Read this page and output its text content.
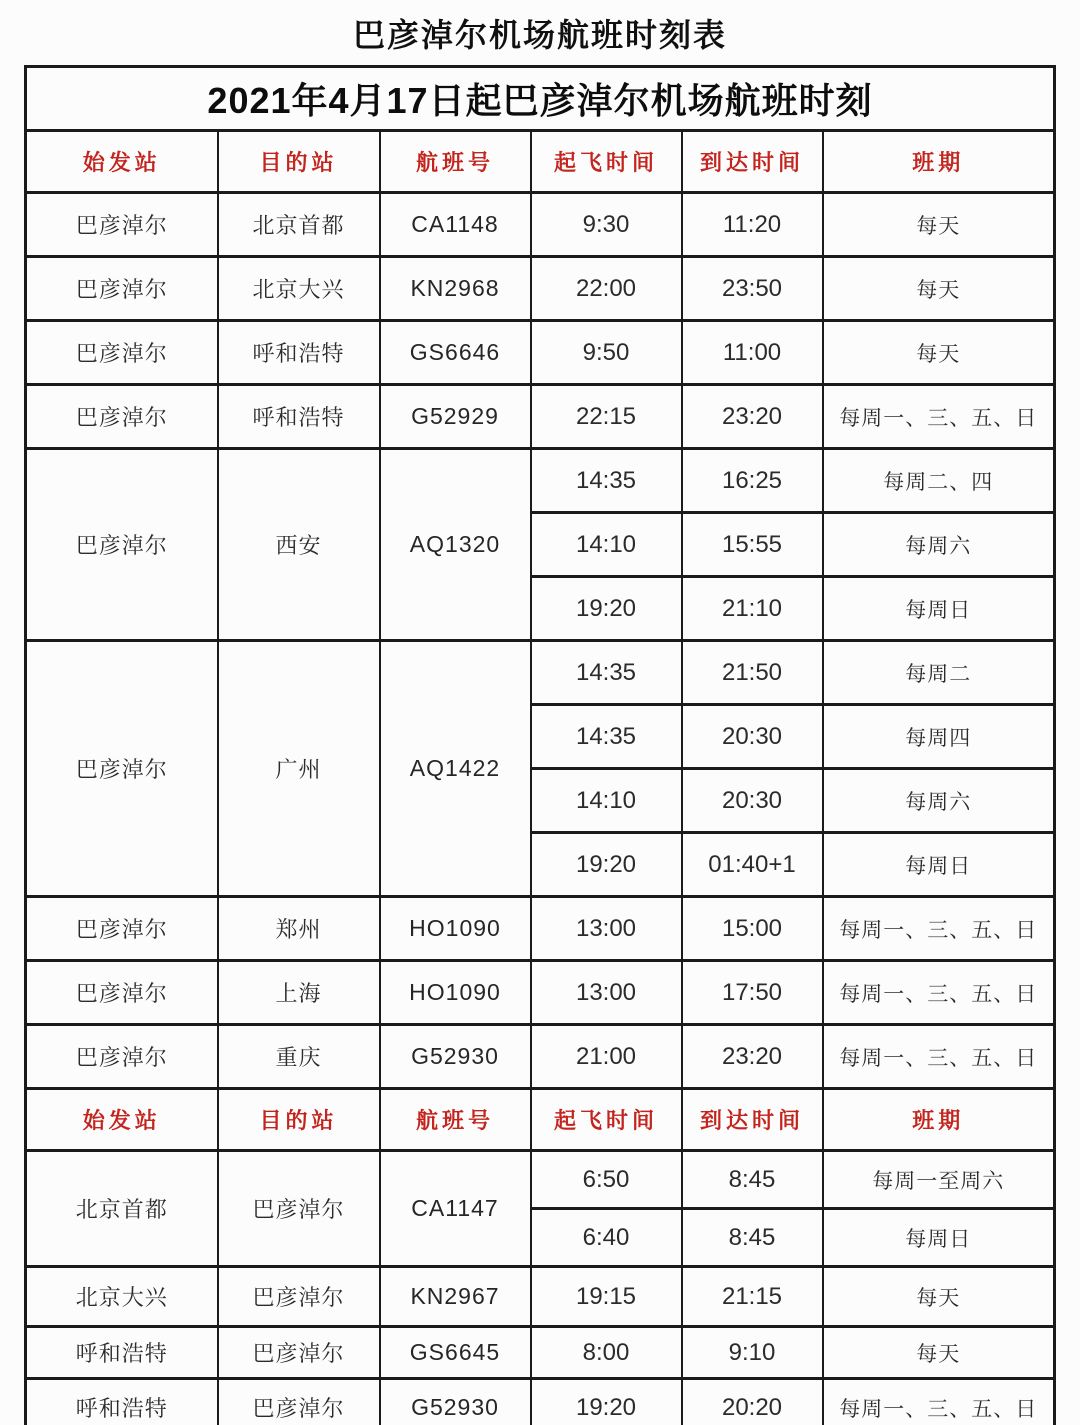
巴彦淖尔机场航班时刻表
2021年4月17日起巴彦淖尔机场航班时刻					
始发站	目的站	航班号	起飞时间	到达时间	班期
巴彦淖尔	北京首都	CA1148	9:30	11:20	每天
巴彦淖尔	北京大兴	KN2968	22:00	23:50	每天
巴彦淖尔	呼和浩特	GS6646	9:50	11:00	每天
巴彦淖尔	呼和浩特	G52929	22:15	23:20	每周一、三、五、日
巴彦淖尔	西安	AQ1320	14:35	16:25	每周二、四
			14:10	15:55	每周六
			19:20	21:10	每周日
巴彦淖尔	广州	AQ1422	14:35	21:50	每周二
			14:35	20:30	每周四
			14:10	20:30	每周六
			19:20	01:40+1	每周日
巴彦淖尔	郑州	HO1090	13:00	15:00	每周一、三、五、日
巴彦淖尔	上海	HO1090	13:00	17:50	每周一、三、五、日
巴彦淖尔	重庆	G52930	21:00	23:20	每周一、三、五、日
始发站	目的站	航班号	起飞时间	到达时间	班期
北京首都	巴彦淖尔	CA1147	6:50	8:45	每周一至周六
			6:40	8:45	每周日
北京大兴	巴彦淖尔	KN2967	19:15	21:15	每天
呼和浩特	巴彦淖尔	GS6645	8:00	9:10	每天
呼和浩特	巴彦淖尔	G52930	19:20	20:20	每周一、三、五、日
